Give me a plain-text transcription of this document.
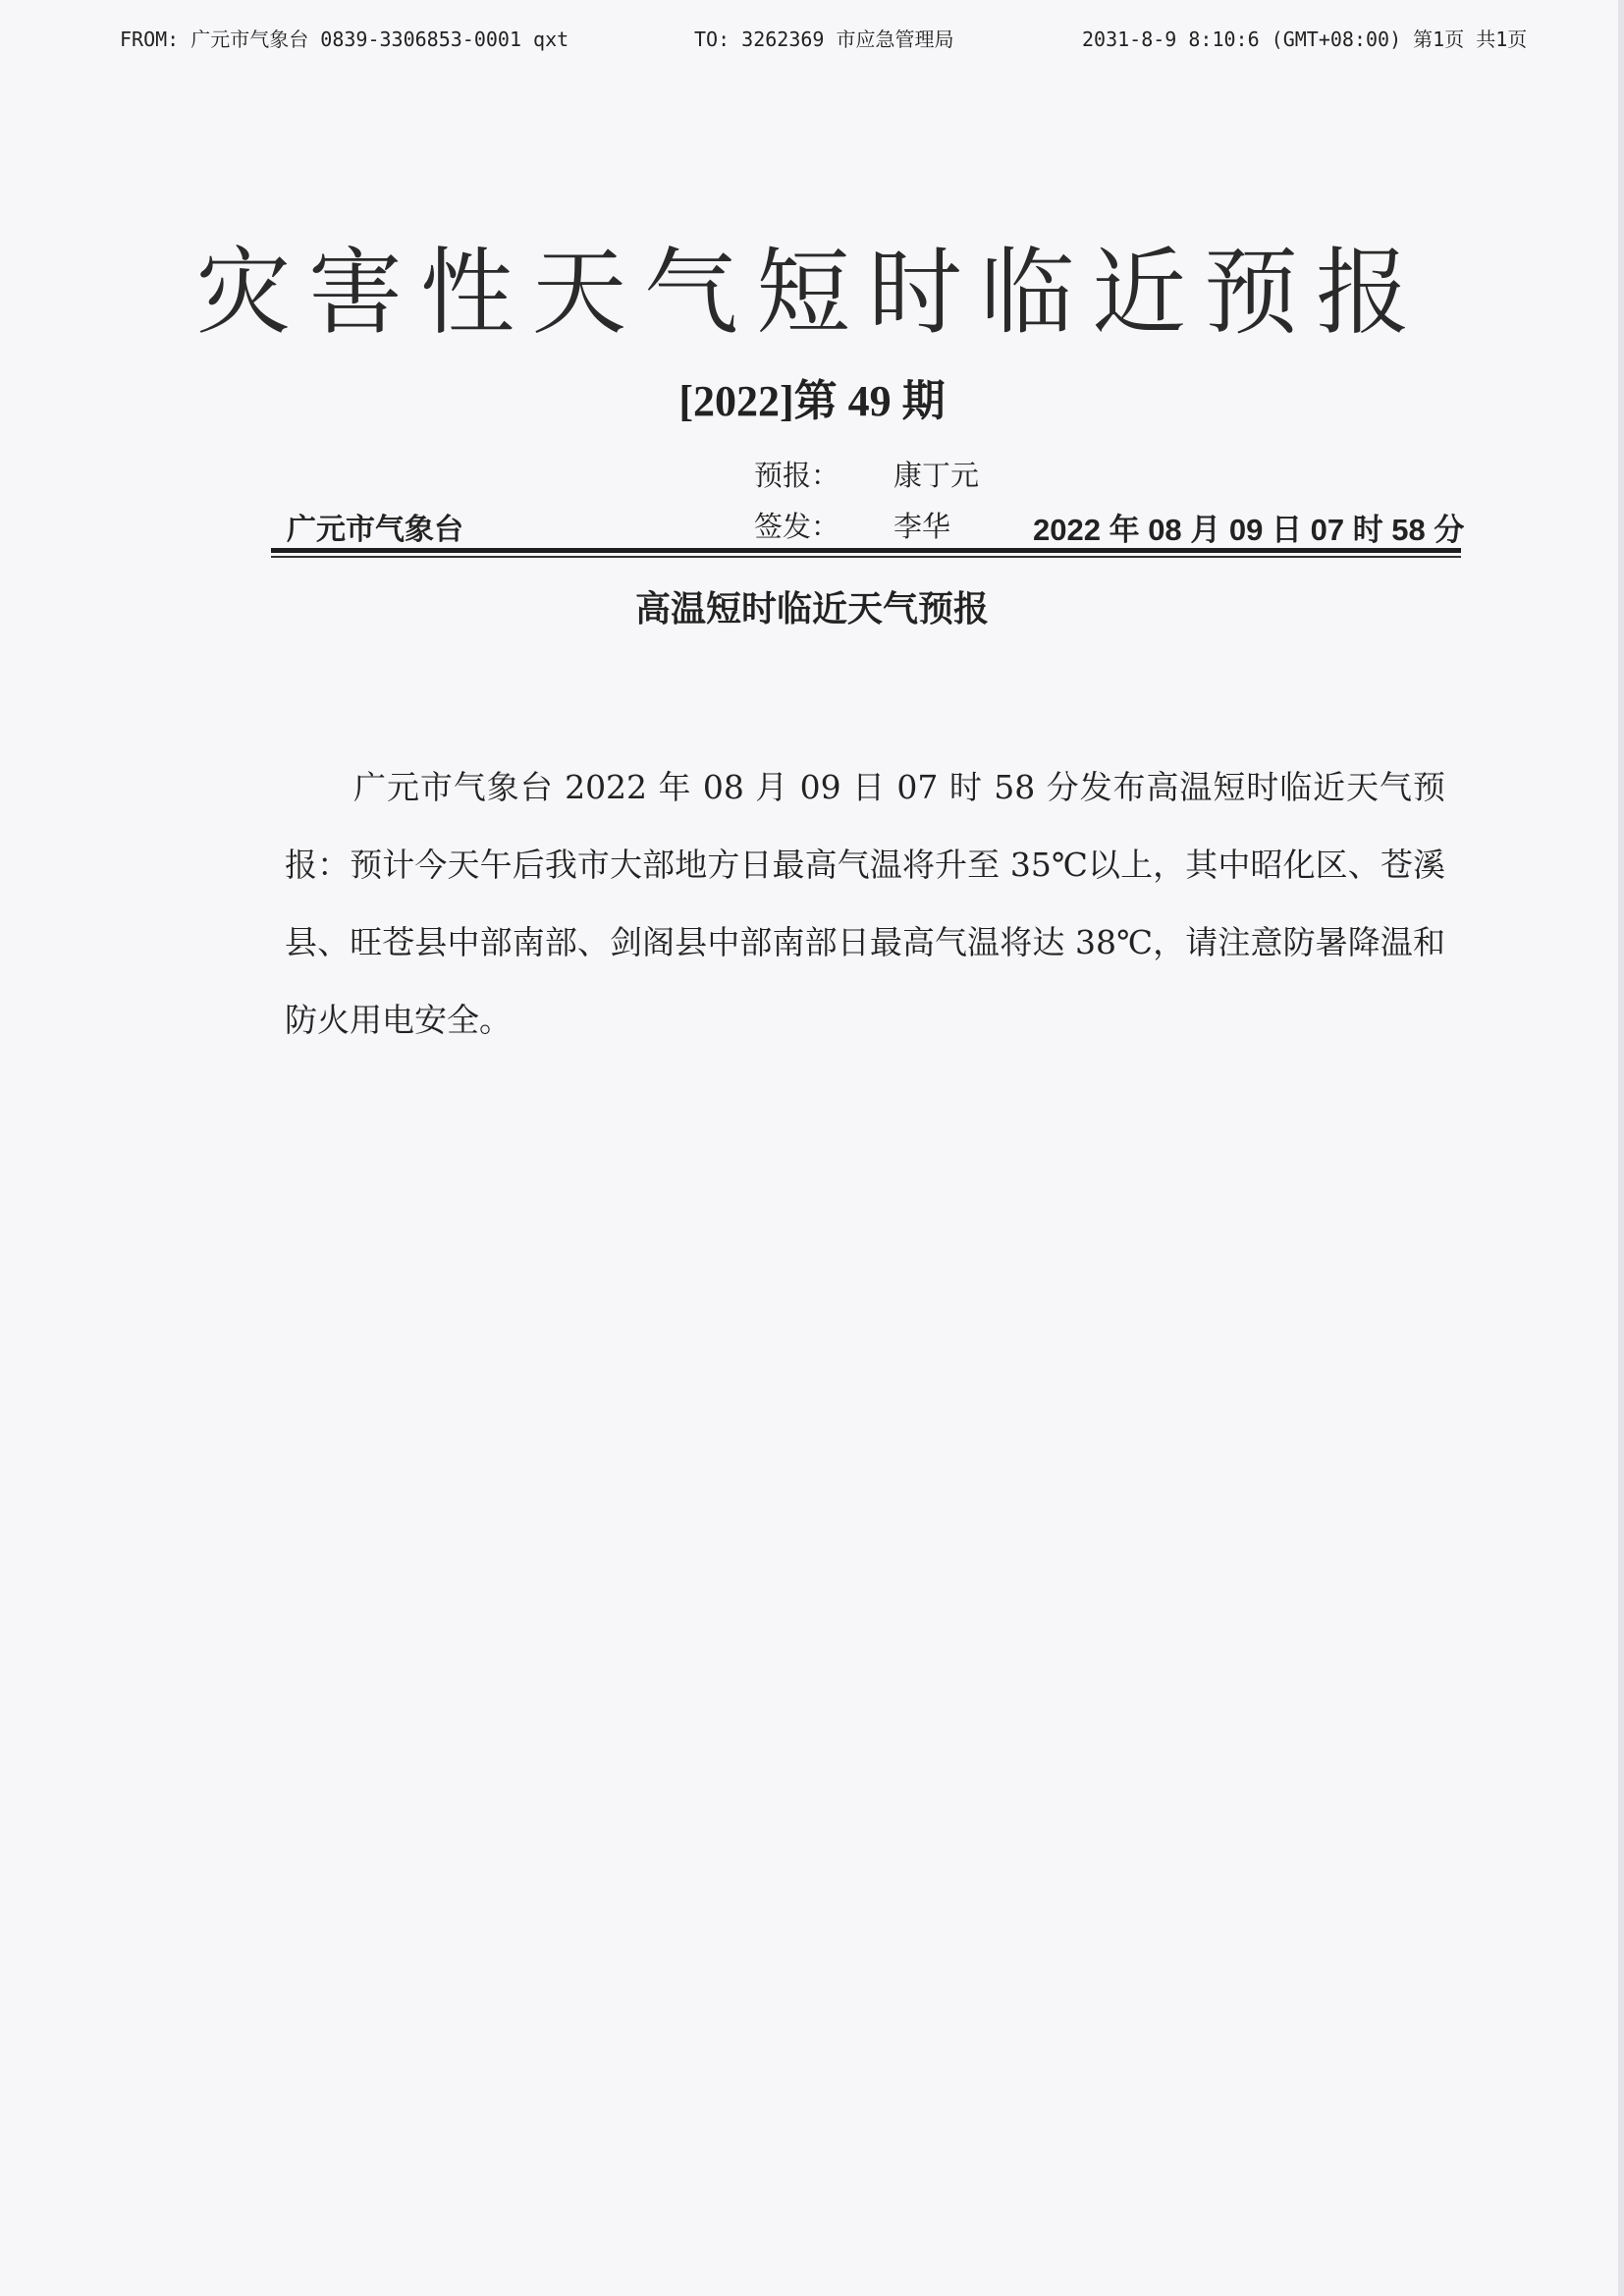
FROM: 广元市气象台 0839-3306853-0001 qxt	TO: 3262369 市应急管理局	2031-8-9 8:10:6 (GMT+08:00) 第1页 共1页
灾害性天气短时临近预报
[2022]第 49 期
预报： 康丁元
广元市气象台	签发： 李华	2022 年 08 月 09 日 07 时 58 分
高温短时临近天气预报
广元市气象台 2022 年 08 月 09 日 07 时 58 分发布高温短时临近天气预报：预计今天午后我市大部地方日最高气温将升至 35℃以上，其中昭化区、苍溪县、旺苍县中部南部、剑阁县中部南部日最高气温将达 38℃，请注意防暑降温和防火用电安全。
